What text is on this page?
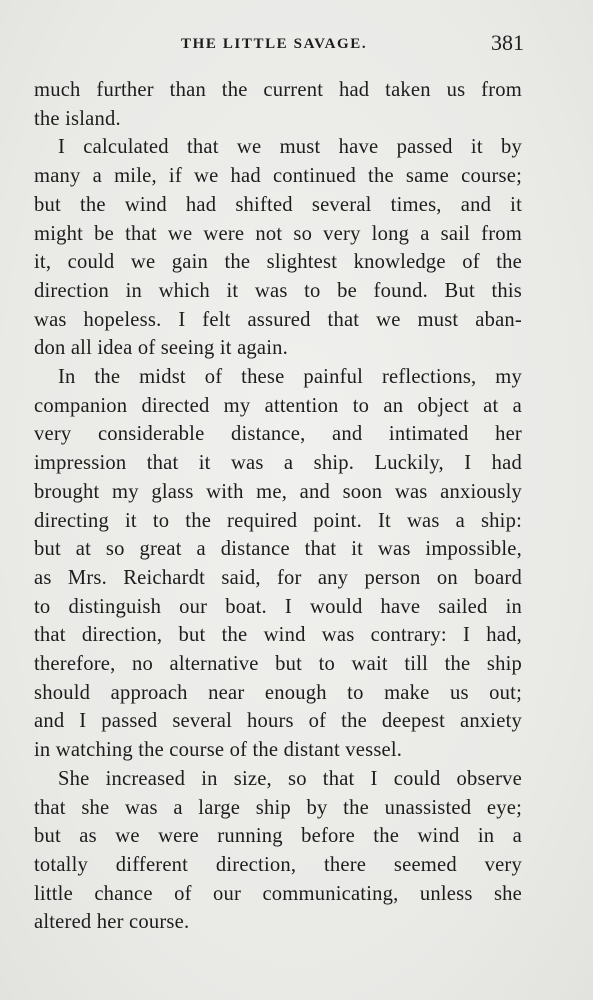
THE LITTLE SAVAGE.	381
much further than the current had taken us from
the island.
I calculated that we must have passed it by
many a mile, if we had continued the same course;
but the wind had shifted several times, and it
might be that we were not so very long a sail from
it, could we gain the slightest knowledge of the
direction in which it was to be found. But this
was hopeless. I felt assured that we must aban-
don all idea of seeing it again.
In the midst of these painful reflections, my
companion directed my attention to an object at a
very considerable distance, and intimated her
impression that it was a ship. Luckily, I had
brought my glass with me, and soon was anxiously
directing it to the required point. It was a ship:
but at so great a distance that it was impossible,
as Mrs. Reichardt said, for any person on board
to distinguish our boat. I would have sailed in
that direction, but the wind was contrary: I had,
therefore, no alternative but to wait till the ship
should approach near enough to make us out;
and I passed several hours of the deepest anxiety
in watching the course of the distant vessel.
She increased in size, so that I could observe
that she was a large ship by the unassisted eye;
but as we were running before the wind in a
totally different direction, there seemed very
little chance of our communicating, unless she
altered her course.
